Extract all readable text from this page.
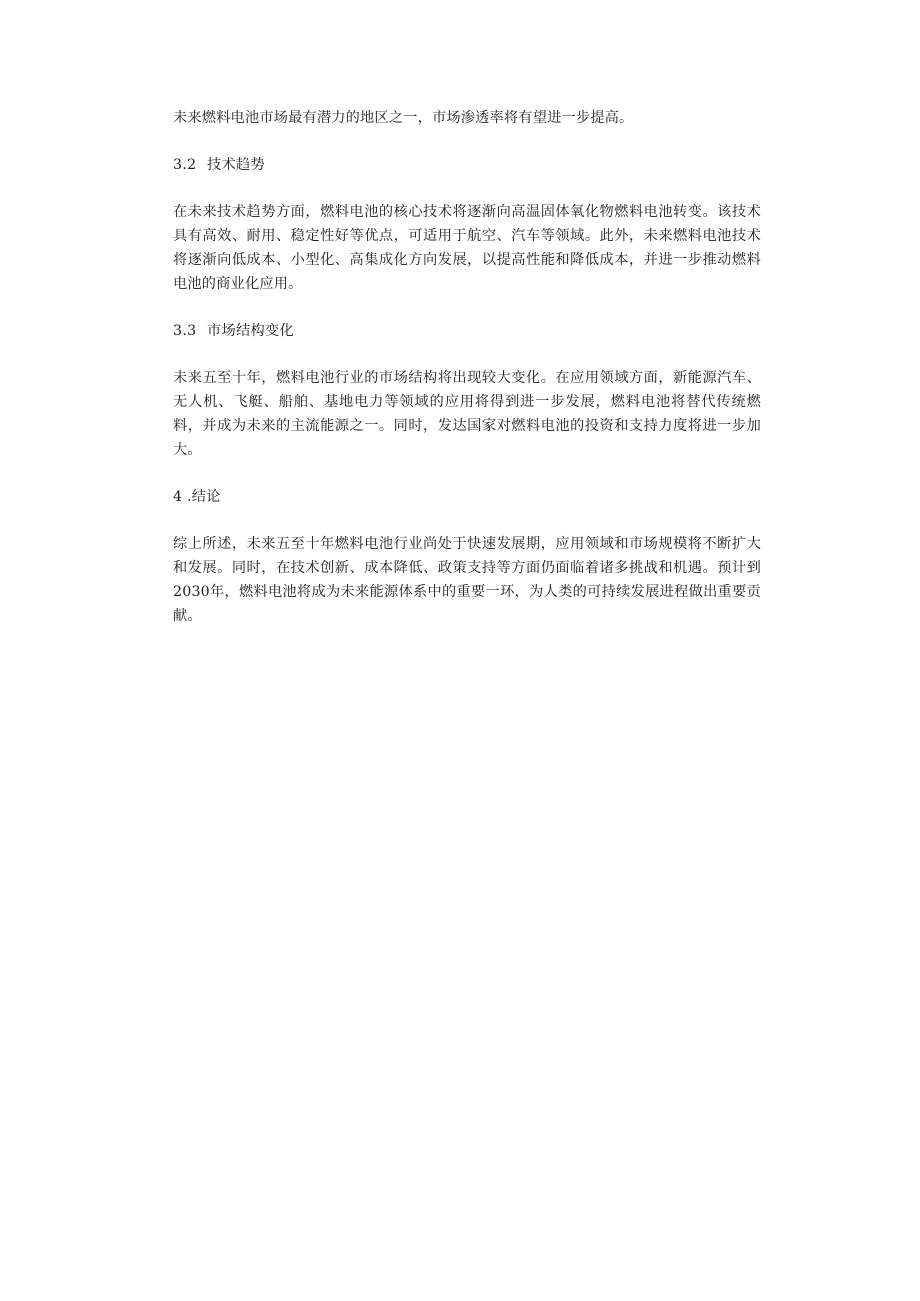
未来燃料电池市场最有潜力的地区之一，市场渗透率将有望进一步提高。

3.2 技术趋势

在未来技术趋势方面，燃料电池的核心技术将逐渐向高温固体氧化物燃料电池转变。该技术具有高效、耐用、稳定性好等优点，可适用于航空、汽车等领域。此外，未来燃料电池技术将逐渐向低成本、小型化、高集成化方向发展，以提高性能和降低成本，并进一步推动燃料电池的商业化应用。

3.3 市场结构变化

未来五至十年，燃料电池行业的市场结构将出现较大变化。在应用领域方面，新能源汽车、无人机、飞艇、船舶、基地电力等领域的应用将得到进一步发展，燃料电池将替代传统燃料，并成为未来的主流能源之一。同时，发达国家对燃料电池的投资和支持力度将进一步加大。

4 .结论

综上所述，未来五至十年燃料电池行业尚处于快速发展期，应用领域和市场规模将不断扩大和发展。同时，在技术创新、成本降低、政策支持等方面仍面临着诸多挑战和机遇。预计到2030年，燃料电池将成为未来能源体系中的重要一环，为人类的可持续发展进程做出重要贡献。
